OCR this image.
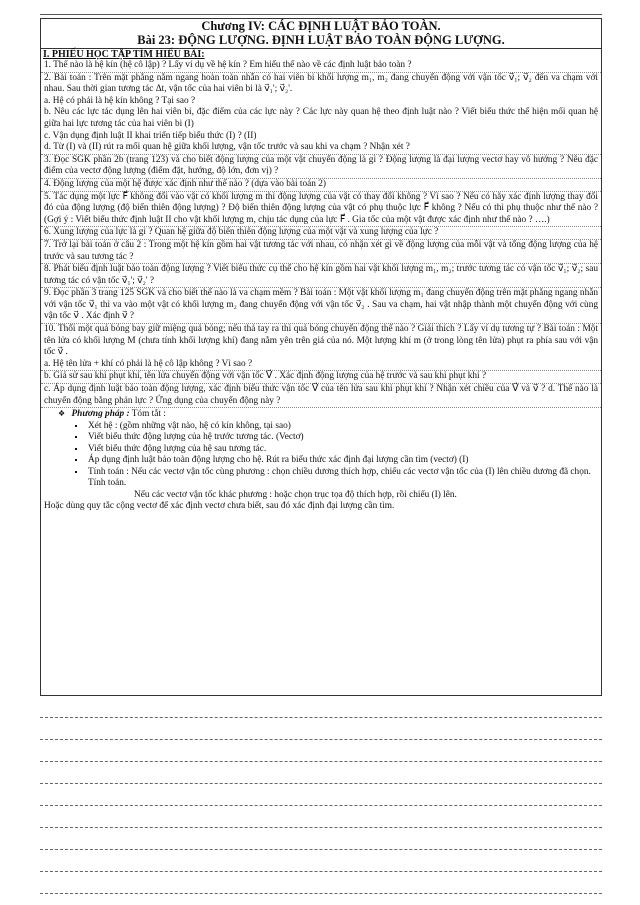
Chương IV: CÁC ĐỊNH LUẬT BẢO TOÀN.
Bài 23: ĐỘNG LƯỢNG. ĐỊNH LUẬT BẢO TOÀN ĐỘNG LƯỢNG.
I. PHIẾU HỌC TẬP TÌM HIỂU BÀI:
1. Thế nào là hệ kín (hệ cô lập) ? Lấy ví dụ về hệ kín ? Em hiểu thế nào về các định luật bảo toàn ?
2. Bài toán : Trên mặt phẳng nằm ngang hoàn toàn nhẵn có hai viên bi khối lượng m₁, m₂ đang chuyển động với vận tốc v⃗₁; v⃗₂ đến va chạm với nhau. Sau thời gian tương tác Δt, vận tốc của hai viên bi là v⃗₁'; v⃗₂'.
a. Hệ có phải là hệ kín không ? Tại sao ?
b. Nêu các lực tác dụng lên hai viên bi, đặc điểm của các lực này ? Các lực này quan hệ theo định luật nào ? Viết biểu thức thể hiện mối quan hệ giữa hai lực tương tác của hai viên bi (I)
c. Vận dụng định luật II khai triển tiếp biểu thức (I) ? (II)
d. Từ (I) và (II) rút ra mối quan hệ giữa khối lượng, vận tốc trước và sau khi va chạm ? Nhận xét ?
3. Đọc SGK phần 2b (trang 123) và cho biết động lượng của một vật chuyển động là gì ? Động lượng là đại lượng vectơ hay vô hướng ? Nêu đặc điểm của vectơ động lượng (điểm đặt, hướng, độ lớn, đơn vị) ?
4. Động lượng của một hệ được xác định như thế nào ? (dựa vào bài toán 2)
5. Tác dụng một lực F⃗ không đổi vào vật có khối lượng m thì động lượng của vật có thay đổi không ? Vì sao ? Nếu có hãy xác định lượng thay đổi đó của động lượng (độ biến thiên động lượng) ? Độ biến thiên động lượng của vật có phụ thuộc lực F⃗ không ? Nếu có thì phụ thuộc như thế nào ? (Gợi ý : Viết biểu thức định luật II cho vật khối lượng m, chịu tác dụng của lực F⃗ . Gia tốc của một vật được xác định như thế nào ? ….)
6. Xung lượng của lực là gì ? Quan hệ giữa độ biến thiên động lượng của một vật và xung lượng của lực ?
7. Trở lại bài toán ở câu 2 : Trong một hệ kín gồm hai vật tương tác với nhau, có nhận xét gì về động lượng của mỗi vật và tổng động lượng của hệ trước và sau tương tác ?
8. Phát biểu định luật bảo toàn động lượng ? Viết biểu thức cụ thể cho hệ kín gồm hai vật khối lượng m₁, m₂; trước tương tác có vận tốc v⃗₁; v⃗₂; sau tương tác có vận tốc v⃗₁'; v⃗₂' ?
9. Đọc phần 3 trang 125 SGK và cho biết thế nào là va chạm mềm ? Bài toán : Một vật khối lượng m₁ đang chuyển động trên mặt phẳng ngang nhẵn với vận tốc v⃗₁ thì va vào một vật có khối lượng m₂ đang chuyển động với vận tốc v⃗₂ . Sau va chạm, hai vật nhập thành một chuyển động với cùng vận tốc v⃗ . Xác định v⃗ ?
10. Thổi một quả bóng bay giữ miệng quả bóng; nếu thả tay ra thì quả bóng chuyển động thế nào ? Giải thích ? Lấy ví dụ tương tự ? Bài toán : Một tên lửa có khối lượng M (chưa tính khối lượng khí) đang nằm yên trên giá của nó. Một lượng khí m (ở trong lòng tên lửa) phụt ra phía sau với vận tốc v⃗ .
a. Hệ tên lửa + khí có phải là hệ cô lập không ? Vì sao ?
b. Giả sử sau khi phụt khí, tên lửa chuyển động với vận tốc V⃗ . Xác định động lượng của hệ trước và sau khi phụt khí ?
c. Áp dụng định luật bảo toàn động lượng, xác định biểu thức vận tốc V⃗ của tên lửa sau khi phụt khí ? Nhận xét chiều của V⃗ và v⃗ ? d. Thế nào là chuyển động bằng phản lực ? Ứng dụng của chuyển động này ?
❖ Phương pháp : Tóm tắt :
▪ Xét hệ : (gồm những vật nào, hệ có kín không, tại sao)
▪ Viết biểu thức động lượng của hệ trước tương tác. (Vectơ)
▪ Viết biểu thức động lượng của hệ sau tương tác.
▪ Áp dụng định luật bảo toàn động lượng cho hệ. Rút ra biểu thức xác định đại lượng cần tìm (vectơ) (I)
▪ Tính toán : Nếu các vectơ vận tốc cùng phương : chọn chiều dương thích hợp, chiếu các vectơ vận tốc của (I) lên chiều dương đã chọn. Tính toán.
Nếu các vectơ vận tốc khác phương : hoặc chọn trục tọa độ thích hợp, rồi chiếu (I) lên.
Hoặc dùng quy tắc cộng vectơ để xác định vectơ chưa biết, sau đó xác định đại lượng cần tìm.
